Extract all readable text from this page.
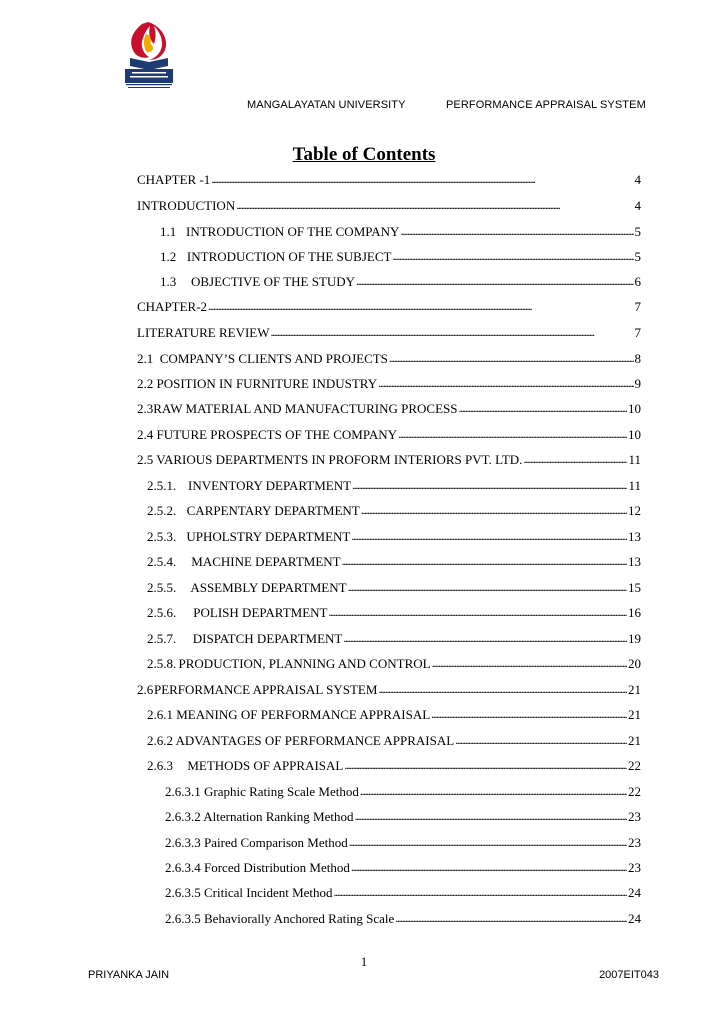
MANGALAYATAN UNIVERSITY	PERFORMANCE APPRAISAL SYSTEM
Table of Contents
CHAPTER -1 . . .	4
INTRODUCTION . . .	4
1.1 INTRODUCTION OF THE COMPANY . . .	5
1.2 INTRODUCTION OF THE SUBJECT . . .	5
1.3	OBJECTIVE OF THE STUDY . . .	6
CHAPTER-2 . . .	7
LITERATURE REVIEW . . .	7
2.1 COMPANY’S CLIENTS AND PROJECTS . . .	8
2.2 POSITION IN FURNITURE INDUSTRY . . .	9
2.3 RAW MATERIAL AND MANUFACTURING PROCESS . . .	10
2.4 FUTURE PROSPECTS OF THE COMPANY . . .	10
2.5 VARIOUS DEPARTMENTS IN PROFORM INTERIORS PVT. LTD. . . .	11
2.5.1. INVENTORY DEPARTMENT . . .	11
2.5.2. CARPENTARY DEPARTMENT . . .	12
2.5.3. UPHOLSTRY DEPARTMENT . . .	13
2.5.4.	MACHINE DEPARTMENT . . .	13
2.5.5.	ASSEMBLY DEPARTMENT . . .	15
2.5.6.	POLISH DEPARTMENT . . .	16
2.5.7.	DISPATCH DEPARTMENT . . .	19
2.5.8. PRODUCTION, PLANNING AND CONTROL . . .	20
2.6 PERFORMANCE APPRAISAL SYSTEM . . .	21
2.6.1 MEANING OF PERFORMANCE APPRAISAL . . .	21
2.6.2 ADVANTAGES OF PERFORMANCE APPRAISAL . . .	21
2.6.3	METHODS OF APPRAISAL . . .	22
2.6.3.1 Graphic Rating Scale Method . . .	22
2.6.3.2 Alternation Ranking Method . . .	23
2.6.3.3 Paired Comparison Method . . .	23
2.6.3.4 Forced Distribution Method . . .	23
2.6.3.5 Critical Incident Method . . .	24
2.6.3.5 Behaviorally Anchored Rating Scale . . .	24
1
PRIYANKA JAIN	2007EIT043
